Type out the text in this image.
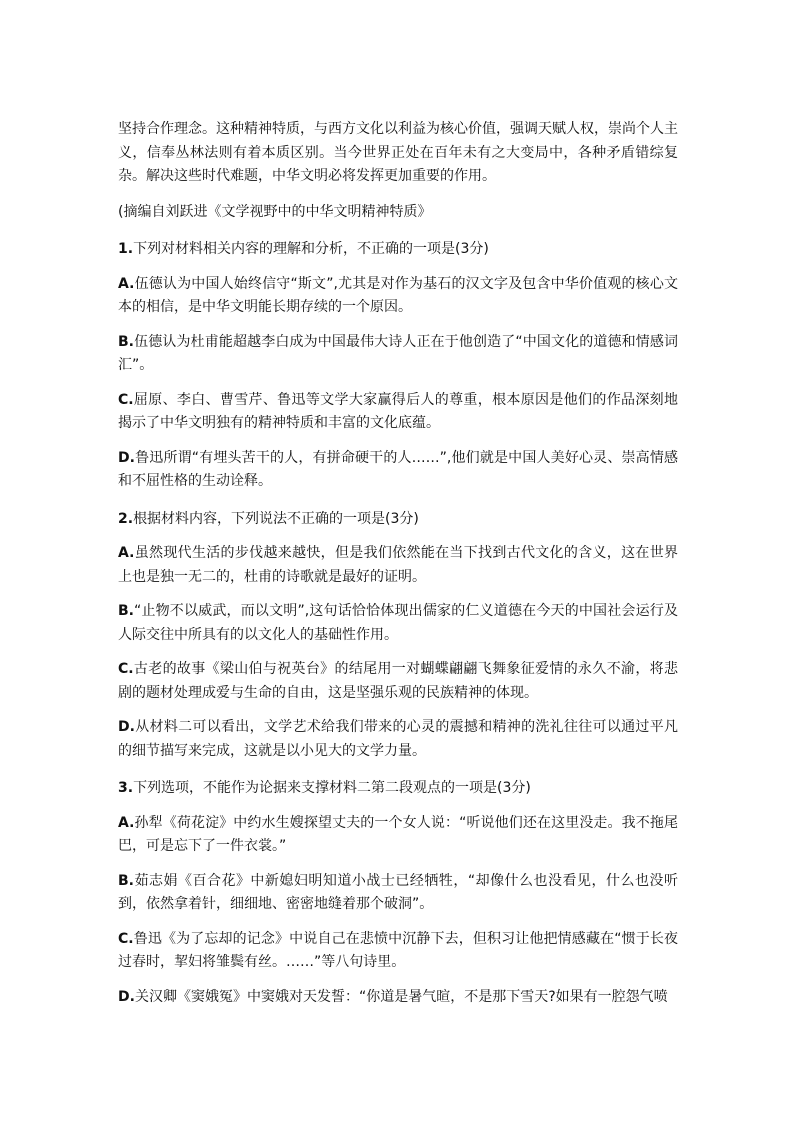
坚持合作理念。这种精神特质，与西方文化以利益为核心价值，强调天赋人权，崇尚个人主义，信奉丛林法则有着本质区别。当今世界正处在百年未有之大变局中，各种矛盾错综复杂。解决这些时代难题，中华文明必将发挥更加重要的作用。

(摘编自刘跃进《文学视野中的中华文明精神特质》

1.下列对材料相关内容的理解和分析，不正确的一项是(3分)

A.伍德认为中国人始终信守“斯文”,尤其是对作为基石的汉文字及包含中华价值观的核心文本的相信，是中华文明能长期存续的一个原因。

B.伍德认为杜甫能超越李白成为中国最伟大诗人正在于他创造了“中国文化的道德和情感词汇”。

C.屈原、李白、曹雪芹、鲁迅等文学大家赢得后人的尊重，根本原因是他们的作品深刻地揭示了中华文明独有的精神特质和丰富的文化底蕴。

D.鲁迅所谓“有埋头苦干的人，有拼命硬干的人……”,他们就是中国人美好心灵、崇高情感和不屈性格的生动诠释。

2.根据材料内容，下列说法不正确的一项是(3分)

A.虽然现代生活的步伐越来越快，但是我们依然能在当下找到古代文化的含义，这在世界上也是独一无二的，杜甫的诗歌就是最好的证明。

B.“止物不以威武，而以文明”,这句话恰恰体现出儒家的仁义道德在今天的中国社会运行及人际交往中所具有的以文化人的基础性作用。

C.古老的故事《梁山伯与祝英台》的结尾用一对蝴蝶翩翩飞舞象征爱情的永久不渝，将悲剧的题材处理成爱与生命的自由，这是坚强乐观的民族精神的体现。

D.从材料二可以看出，文学艺术给我们带来的心灵的震撼和精神的洗礼往往可以通过平凡的细节描写来完成，这就是以小见大的文学力量。

3.下列选项，不能作为论据来支撑材料二第二段观点的一项是(3分)

A.孙犁《荷花淀》中约水生嫂探望丈夫的一个女人说：“听说他们还在这里没走。我不拖尾巴，可是忘下了一件衣裳。”

B.茹志娟《百合花》中新媳妇明知道小战士已经牺牲，“却像什么也没看见，什么也没听到，依然拿着针，细细地、密密地缝着那个破洞”。

C.鲁迅《为了忘却的记念》中说自己在悲愤中沉静下去，但积习让他把情感藏在“惯于长夜过春时，挈妇将雏鬓有丝。……”等八句诗里。

D.关汉卿《窦娥冤》中窦娥对天发誓：“你道是暑气暄，不是那下雪天?如果有一腔怨气喷
